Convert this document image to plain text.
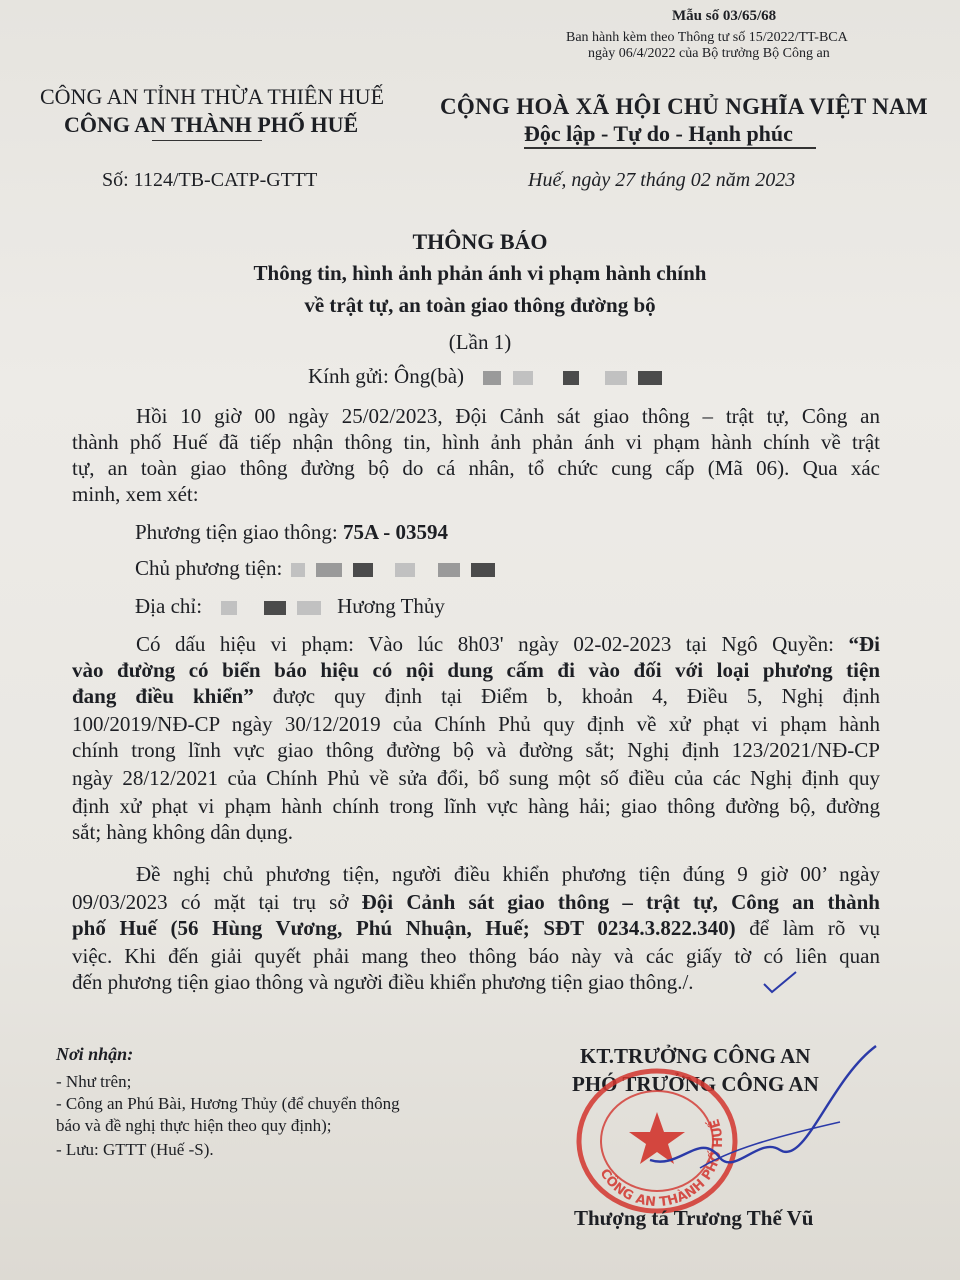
Mẫu số 03/65/68
Ban hành kèm theo Thông tư số 15/2022/TT-BCA
ngày 06/4/2022 của Bộ trưởng Bộ Công an
CÔNG AN TỈNH THỪA THIÊN HUẾ
CÔNG AN THÀNH PHỐ HUẾ
CỘNG HOÀ XÃ HỘI CHỦ NGHĨA VIỆT NAM
Độc lập - Tự do - Hạnh phúc
Số: 1124/TB-CATP-GTTT	Huế, ngày 27 tháng 02 năm 2023
THÔNG BÁO
Thông tin, hình ảnh phản ánh vi phạm hành chính
về trật tự, an toàn giao thông đường bộ
(Lần 1)
Kính gửi: Ông(bà)
Hồi 10 giờ 00 ngày 25/02/2023, Đội Cảnh sát giao thông – trật tự, Công an
thành phố Huế đã tiếp nhận thông tin, hình ảnh phản ánh vi phạm hành chính về trật
tự, an toàn giao thông đường bộ do cá nhân, tổ chức cung cấp (Mã 06). Qua xác
minh, xem xét:
Phương tiện giao thông: 75A - 03594
Chủ phương tiện:
Địa chỉ:	Hương Thủy
Có dấu hiệu vi phạm: Vào lúc 8h03' ngày 02-02-2023 tại Ngô Quyền: “Đi
vào đường có biển báo hiệu có nội dung cấm đi vào đối với loại phương tiện
đang điều khiển” được quy định tại Điểm b, khoản 4, Điều 5, Nghị định
100/2019/NĐ-CP ngày 30/12/2019 của Chính Phủ quy định về xử phạt vi phạm hành
chính trong lĩnh vực giao thông đường bộ và đường sắt; Nghị định 123/2021/NĐ-CP
ngày 28/12/2021 của Chính Phủ về sửa đổi, bổ sung một số điều của các Nghị định quy
định xử phạt vi phạm hành chính trong lĩnh vực hàng hải; giao thông đường bộ, đường
sắt; hàng không dân dụng.
Đề nghị chủ phương tiện, người điều khiển phương tiện đúng 9 giờ 00’ ngày
09/03/2023 có mặt tại trụ sở Đội Cảnh sát giao thông – trật tự, Công an thành
phố Huế (56 Hùng Vương, Phú Nhuận, Huế; SĐT 0234.3.822.340) để làm rõ vụ
việc. Khi đến giải quyết phải mang theo thông báo này và các giấy tờ có liên quan
đến phương tiện giao thông và người điều khiển phương tiện giao thông./.
Nơi nhận:
- Như trên;
- Công an Phú Bài, Hương Thủy (để chuyển thông
báo và đề nghị thực hiện theo quy định);
- Lưu: GTTT (Huế -S).
KT.TRƯỞNG CÔNG AN
PHÓ TRƯỞNG CÔNG AN
CÔNG AN THÀNH PHỐ HUẾ
Thượng tá Trương Thế Vũ
